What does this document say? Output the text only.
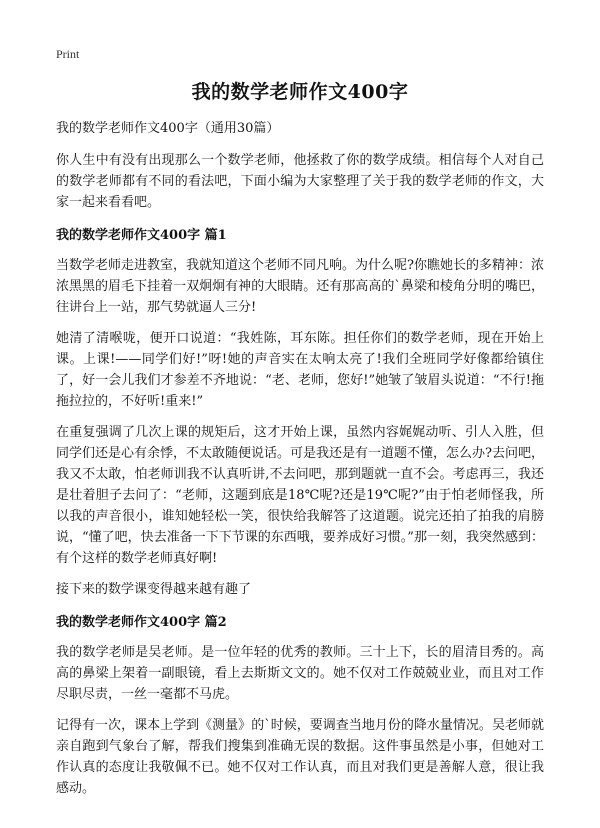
Print
我的数学老师作文400字
我的数学老师作文400字（通用30篇）

你人生中有没有出现那么一个数学老师，他拯救了你的数学成绩。相信每个人对自己的数学老师都有不同的看法吧，下面小编为大家整理了关于我的数学老师的作文，大家一起来看看吧。

我的数学老师作文400字 篇1

当数学老师走进教室，我就知道这个老师不同凡响。为什么呢?你瞧她长的多精神：浓浓黑黑的眉毛下挂着一双炯炯有神的大眼睛。还有那高高的`鼻梁和棱角分明的嘴巴，往讲台上一站，那气势就逼人三分!

她清了清喉咙，便开口说道：“我姓陈，耳东陈。担任你们的数学老师，现在开始上课。上课!——同学们好!”呀!她的声音实在太响太亮了!我们全班同学好像都给镇住了，好一会儿我们才参差不齐地说：“老、老师，您好!”她皱了皱眉头说道：“不行!拖拖拉拉的，不好听!重来!”

在重复强调了几次上课的规矩后，这才开始上课，虽然内容娓娓动听、引人入胜，但同学们还是心有余悸，不太敢随便说话。可是我还是有一道题不懂，怎么办?去问吧，我又不太敢，怕老师训我不认真听讲,不去问吧，那到题就一直不会。考虑再三，我还是壮着胆子去问了：“老师，这题到底是18℃呢?还是19℃呢?”由于怕老师怪我，所以我的声音很小，谁知她轻松一笑，很快给我解答了这道题。说完还拍了拍我的肩膀说，“懂了吧，快去准备一下下节课的东西哦，要养成好习惯。”那一刻，我突然感到：有个这样的数学老师真好啊!

接下来的数学课变得越来越有趣了

我的数学老师作文400字 篇2

我的数学老师是吴老师。是一位年轻的优秀的教师。三十上下，长的眉清目秀的。高高的鼻梁上架着一副眼镜，看上去斯斯文文的。她不仅对工作兢兢业业，而且对工作尽职尽责，一丝一毫都不马虎。

记得有一次，课本上学到《测量》的`时候，要调查当地月份的降水量情况。吴老师就亲自跑到气象台了解，帮我们搜集到准确无误的数据。这件事虽然是小事，但她对工作认真的态度让我敬佩不已。她不仅对工作认真，而且对我们更是善解人意，很让我感动。
